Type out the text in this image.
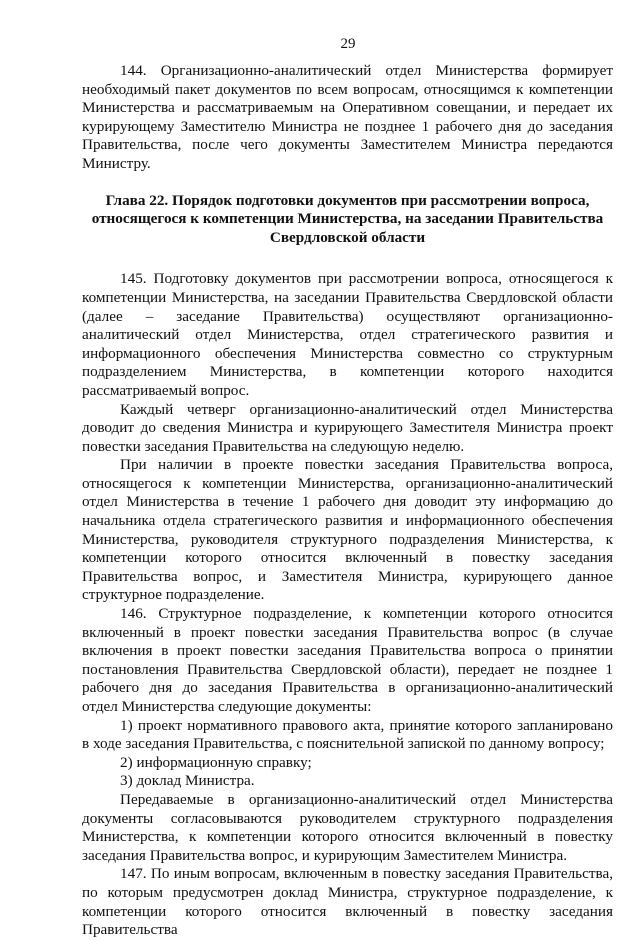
29

144. Организационно-аналитический отдел Министерства формирует необходимый пакет документов по всем вопросам, относящимся к компетенции Министерства и рассматриваемым на Оперативном совещании, и передает их курирующему Заместителю Министра не позднее 1 рабочего дня до заседания Правительства, после чего документы Заместителем Министра передаются Министру.

Глава 22. Порядок подготовки документов при рассмотрении вопроса, относящегося к компетенции Министерства, на заседании Правительства Свердловской области

145. Подготовку документов при рассмотрении вопроса, относящегося к компетенции Министерства, на заседании Правительства Свердловской области (далее – заседание Правительства) осуществляют организационно-аналитический отдел Министерства, отдел стратегического развития и информационного обеспечения Министерства совместно со структурным подразделением Министерства, в компетенции которого находится рассматриваемый вопрос.

Каждый четверг организационно-аналитический отдел Министерства доводит до сведения Министра и курирующего Заместителя Министра проект повестки заседания Правительства на следующую неделю.

При наличии в проекте повестки заседания Правительства вопроса, относящегося к компетенции Министерства, организационно-аналитический отдел Министерства в течение 1 рабочего дня доводит эту информацию до начальника отдела стратегического развития и информационного обеспечения Министерства, руководителя структурного подразделения Министерства, к компетенции которого относится включенный в повестку заседания Правительства вопрос, и Заместителя Министра, курирующего данное структурное подразделение.

146. Структурное подразделение, к компетенции которого относится включенный в проект повестки заседания Правительства вопрос (в случае включения в проект повестки заседания Правительства вопроса о принятии постановления Правительства Свердловской области), передает не позднее 1 рабочего дня до заседания Правительства в организационно-аналитический отдел Министерства следующие документы:

1) проект нормативного правового акта, принятие которого запланировано в ходе заседания Правительства, с пояснительной запиской по данному вопросу;

2) информационную справку;

3) доклад Министра.

Передаваемые в организационно-аналитический отдел Министерства документы согласовываются руководителем структурного подразделения Министерства, к компетенции которого относится включенный в повестку заседания Правительства вопрос, и курирующим Заместителем Министра.

147. По иным вопросам, включенным в повестку заседания Правительства, по которым предусмотрен доклад Министра, структурное подразделение, к компетенции которого относится включенный в повестку заседания Правительства
